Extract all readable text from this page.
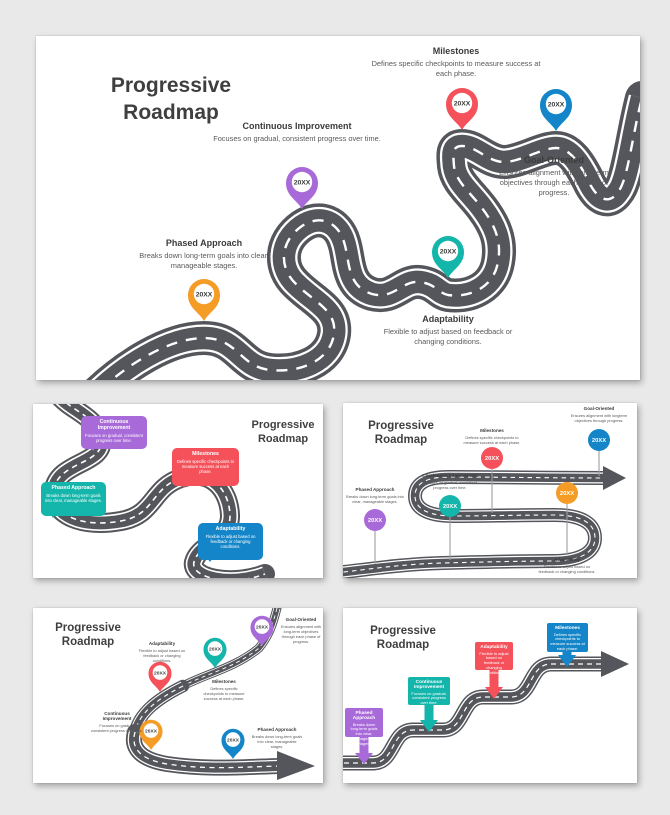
20XX
20XX
20XX	20XX
20XX
Progressive
Roadmap
Milestones
Defines specific checkpoints to measure success at each phase.
Continuous Improvement
Focuses on gradual, consistent progress over time.
Goal-Oriented
Ensures alignment with long-term objectives through each phase of progress.
Phased Approach
Breaks down long-term goals into clear, manageable stages.
Adaptability
Flexible to adjust based on feedback or changing conditions.
Progressive
Roadmap
Continuous Improvement
Focuses on gradual, consistent progress over time.
Milestones
Defines specific checkpoints to measure success at each phase.
Phased Approach
Breaks down long-term goals into clear, manageable stages.
Adaptability
Flexible to adjust based on feedback or changing conditions.
20XX
20XX
20XX
20XX
20XX
Progressive
Roadmap
Phased Approach
Breaks down long-term goals into clear, manageable stages.
Continuous Improvement
Focuses on gradual, consistent progress over time.
Milestones
Defines specific checkpoints to measure success at each phase.
Adaptability
Flexible to adjust based on feedback or changing conditions.
Goal-Oriented
Ensures alignment with longterm objectives through progress.
20XX
20XX
20XX
20XX
20XX
Progressive
Roadmap
Goal-Oriented
Ensures alignment with long-term objectives through each phase of progress.
Milestones
Defines specific checkpoints to measure success at each phase.
Adaptability
Flexible to adjust based on feedback or changing conditions.
Continuous Improvement
Focuses on gradual, consistent progress over time.	Phased Approach
Breaks down long-term goals into clear, manageable stages.
Progressive
Roadmap
Phased Approach
Breaks down long-term goals into clear, manageable stages.
Continuous Improvement
Focuses on gradual, consistent progress over time.
Adaptability
Flexible to adjust based on feedback or changing conditions.
Milestones
Defines specific checkpoints to measure success at each phase.
